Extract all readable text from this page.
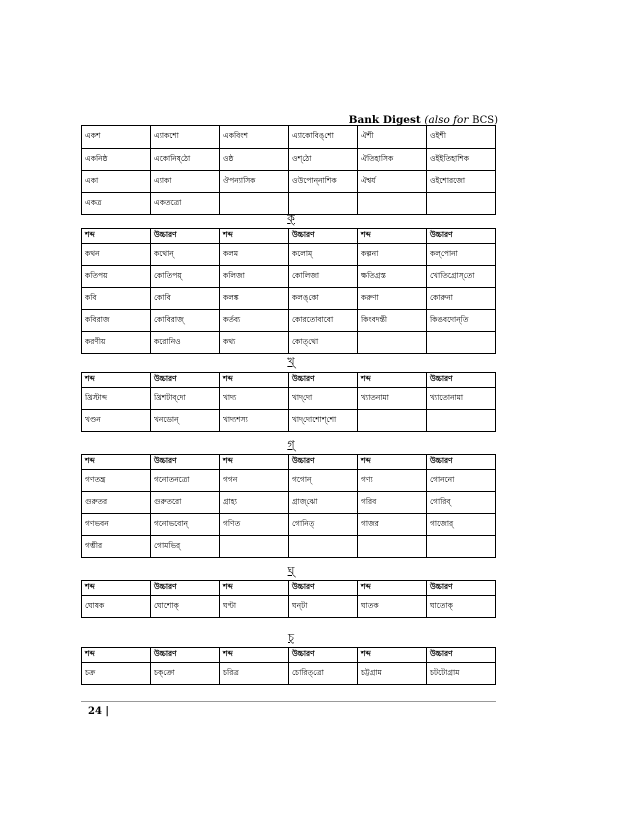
Bank Digest (also for BCS)
ক্‌
খ্‌
গ্‌
ঘ্‌
চ্‌
একশ	এ্যাকশো	একবিংশ	এ্যাকোবিঙ্‌শো	ঐশী	ওইশী
একনিষ্ঠ	একোনিষ্‌ঠো	ওষ্ঠ	ওশ্‌ঠো	ঐতিহাসিক	ওইইতিহাশিক
একা	এ্যাকা	ঔপন্যাসিক	ওউপোন্‌নাশিক	ঐশ্বর্য	ওইশোরজো
একত্র	একতত্রো				
শব্দ	উচ্চারণ	শব্দ	উচ্চারণ	শব্দ	উচ্চারণ
কথন	কথোন্‌	কলম	কলোম্‌	কল্পনা	কল্‌পোনা
কতিপয়	কোতিপয়্‌	কলিজা	কোলিজা	ক্ষতিগ্রস্ত	খোতিগ্রোস্‌তো
কবি	কোবি	কলঙ্ক	কলঙ্‌কো	করুণা	কোরুনা
কবিরাজ	কোবিরাজ্‌	কর্তব্য	কোরতোবাবো	কিংবদন্তী	কিঙবদোন্‌তি
করণীয়	করোনিও	কথ্য	কোত্‌থো		
শব্দ	উচ্চারণ	শব্দ	উচ্চারণ	শব্দ	উচ্চারণ
খ্রিস্টাব্দ	খ্রিশটাব্‌দো	খাদ্য	খাদ্‌দো	খ্যাতনামা	খ্যাতোনামা
খণ্ডন	খনডোন্‌	খাদ্যশস্য	খাদ্‌দোশোশ্‌শো		
শব্দ	উচ্চারণ	শব্দ	উচ্চারণ	শব্দ	উচ্চারণ
গণতন্ত্র	গনোতনত্রো	গগন	গগোন্‌	গণ্য	গোননো
গুরুতর	গুরুতরো	গ্রাহ্য	গ্রাজ্‌ঝো	গরিব	গোরিব্‌
গণভবন	গনোভবোন্‌	গণিত	গোনিত্‌	গাজর	গাজোর্‌
গম্ভীর	গোমভির্‌				
শব্দ	উচ্চারণ	শব্দ	উচ্চারণ	শব্দ	উচ্চারণ
ঘোষক	ঘোশোক্‌	ঘণ্টা	ঘন্‌টা	ঘাতক	ঘাতোক্‌
শব্দ	উচ্চারণ	শব্দ	উচ্চারণ	শব্দ	উচ্চারণ
চক্র	চক্‌ক্রো	চরিত্র	চোরিত্‌ত্রো	চট্টগ্রাম	চটটোগ্রাম
24 |
